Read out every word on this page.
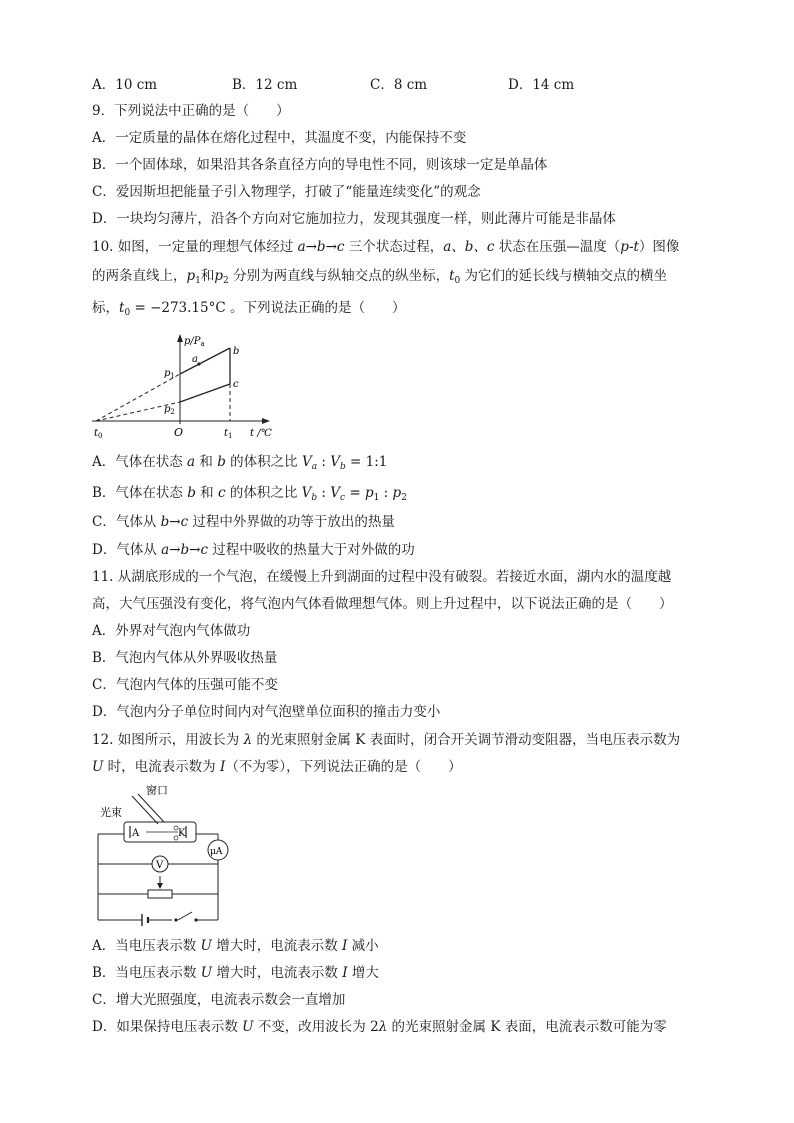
A．10 cm	B．12 cm	C．8 cm	D．14 cm
9．下列说法中正确的是（　　）
A．一定质量的晶体在熔化过程中，其温度不变，内能保持不变
B．一个固体球，如果沿其各条直径方向的导电性不同，则该球一定是单晶体
C．爱因斯坦把能量子引入物理学，打破了“能量连续变化”的观念
D．一块均匀薄片，沿各个方向对它施加拉力，发现其强度一样，则此薄片可能是非晶体
10. 如图，一定量的理想气体经过 a→b→c 三个状态过程，a、b、c 状态在压强—温度（p-t）图像
的两条直线上，$p_1$和$p_2$ 分别为两直线与纵轴交点的纵坐标，$t_0$ 为它们的延长线与横轴交点的横坐
标，$t_0 = -273.15^\circ C$ 。下列说法正确的是（　　）
$p/P_a$
t /℃
O
$t_0$	$t_1$
$p_1$
$p_2$
a
b
c
A．气体在状态 a 和 b 的体积之比 $V_a$ : $V_b$ = 1:1
B．气体在状态 b 和 c 的体积之比 $V_b$ : $V_c = p_1$ : $p_2$
C．气体从 b→c 过程中外界做的功等于放出的热量
D．气体从 a→b→c 过程中吸收的热量大于对外做的功
11. 从湖底形成的一个气泡，在缓慢上升到湖面的过程中没有破裂。若接近水面，湖内水的温度越
高，大气压强没有变化，将气泡内气体看做理想气体。则上升过程中，以下说法正确的是（　　）
A．外界对气泡内气体做功
B．气泡内气体从外界吸收热量
C．气泡内气体的压强可能不变
D．气泡内分子单位时间内对气泡壁单位面积的撞击力变小
12. 如图所示，用波长为 λ 的光束照射金属 K 表面时，闭合开关调节滑动变阻器，当电压表示数为
U 时，电流表示数为 I（不为零），下列说法正确的是（　　）
A	K
V
μA
窗口
光束
A．当电压表示数 U 增大时，电流表示数 I 减小
B．当电压表示数 U 增大时，电流表示数 I 增大
C．增大光照强度，电流表示数会一直增加
D．如果保持电压表示数 U 不变，改用波长为 2λ 的光束照射金属 K 表面，电流表示数可能为零
